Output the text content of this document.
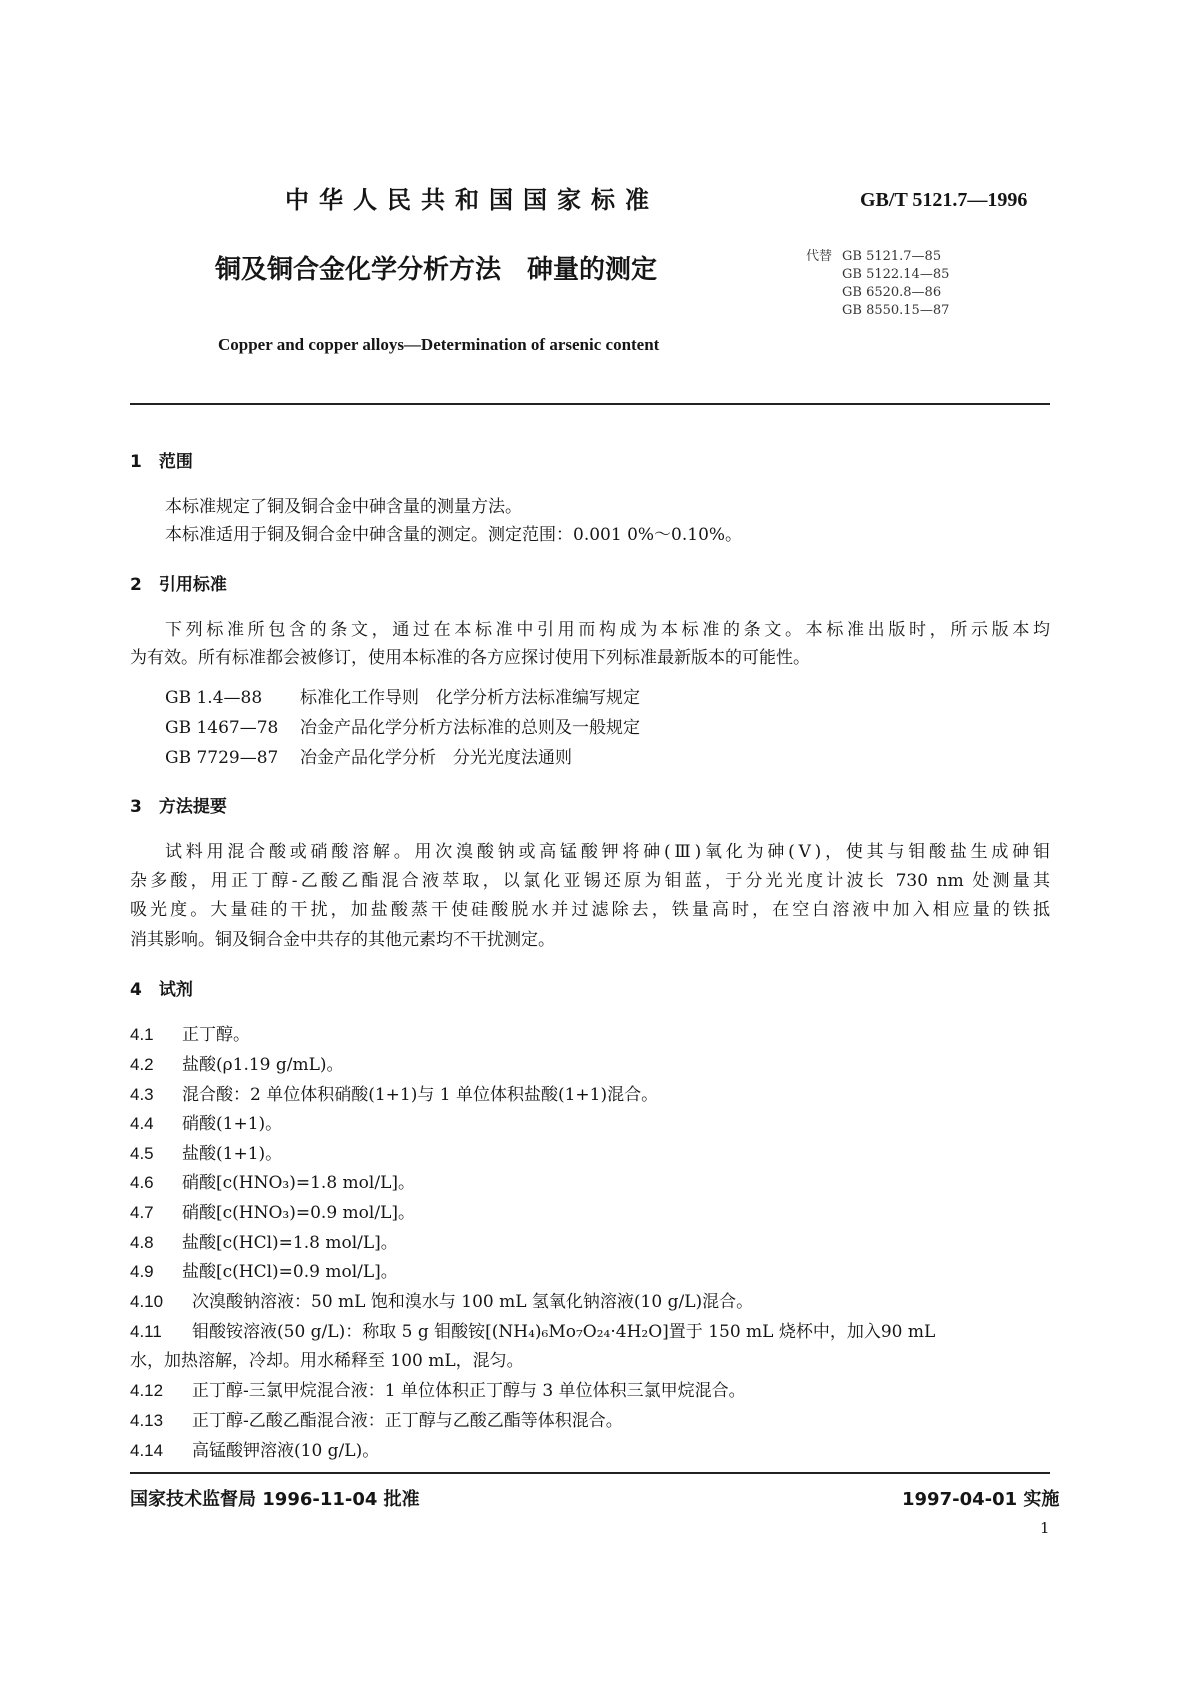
中华人民共和国国家标准	GB/T 5121.7—1996
铜及铜合金化学分析方法　砷量的测定	代替 GB 5121.7—85
GB 5122.14—85
GB 6520.8—86
GB 8550.15—87
Copper and copper alloys—Determination of arsenic content
1　范围
本标准规定了铜及铜合金中砷含量的测量方法。
本标准适用于铜及铜合金中砷含量的测定。测定范围：0.001 0%～0.10%。
2　引用标准
下列标准所包含的条文，通过在本标准中引用而构成为本标准的条文。本标准出版时，所示版本均
为有效。所有标准都会被修订，使用本标准的各方应探讨使用下列标准最新版本的可能性。
GB 1.4—88 标准化工作导则　化学分析方法标准编写规定
GB 1467—78 冶金产品化学分析方法标准的总则及一般规定
GB 7729—87 冶金产品化学分析　分光光度法通则
3　方法提要
试料用混合酸或硝酸溶解。用次溴酸钠或高锰酸钾将砷(Ⅲ)氧化为砷(Ⅴ)，使其与钼酸盐生成砷钼
杂多酸，用正丁醇-乙酸乙酯混合液萃取，以氯化亚锡还原为钼蓝，于分光光度计波长 730 nm 处测量其
吸光度。大量硅的干扰，加盐酸蒸干使硅酸脱水并过滤除去，铁量高时，在空白溶液中加入相应量的铁抵
消其影响。铜及铜合金中共存的其他元素均不干扰测定。
4　试剂
4.1 正丁醇。
4.2 盐酸(ρ1.19 g/mL)。
4.3 混合酸：2 单位体积硝酸(1+1)与 1 单位体积盐酸(1+1)混合。
4.4 硝酸(1+1)。
4.5 盐酸(1+1)。
4.6 硝酸[c(HNO₃)=1.8 mol/L]。
4.7 硝酸[c(HNO₃)=0.9 mol/L]。
4.8 盐酸[c(HCl)=1.8 mol/L]。
4.9 盐酸[c(HCl)=0.9 mol/L]。
4.10 次溴酸钠溶液：50 mL 饱和溴水与 100 mL 氢氧化钠溶液(10 g/L)混合。
4.11 钼酸铵溶液(50 g/L)：称取 5 g 钼酸铵[(NH₄)₆Mo₇O₂₄·4H₂O]置于 150 mL 烧杯中，加入90 mL
水，加热溶解，冷却。用水稀释至 100 mL，混匀。
4.12 正丁醇-三氯甲烷混合液：1 单位体积正丁醇与 3 单位体积三氯甲烷混合。
4.13 正丁醇-乙酸乙酯混合液：正丁醇与乙酸乙酯等体积混合。
4.14 高锰酸钾溶液(10 g/L)。
国家技术监督局 1996-11-04 批准	1997-04-01 实施
1
